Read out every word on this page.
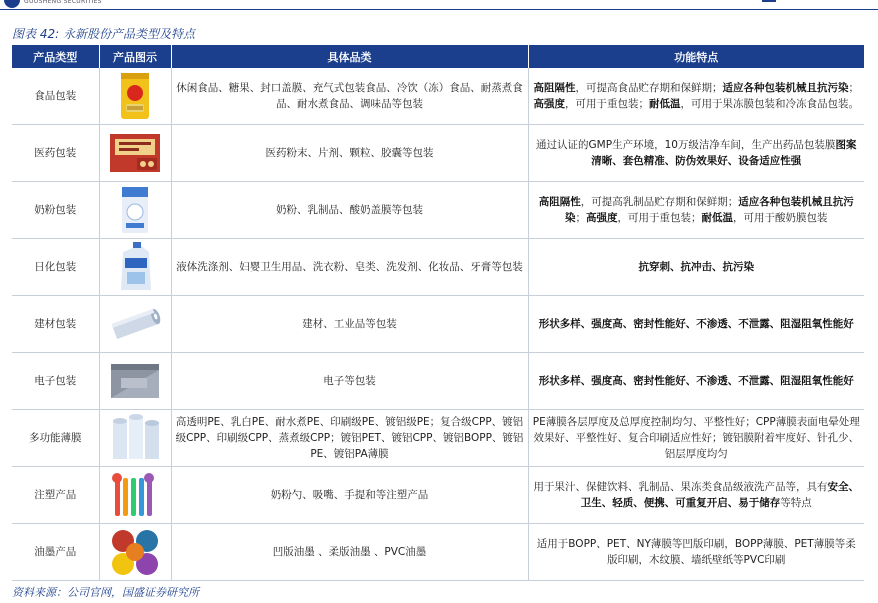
GUOSHENG SECURITIES
图表 42: 永新股份产品类型及特点
产品类型	产品图示	具体品类	功能特点
食品包装		休闲食品、糖果、封口盖膜、充气式包装食品、冷饮（冻）食品、耐蒸煮食品、耐水煮食品、调味品等包装	高阻隔性，可提高食品贮存期和保鲜期；适应各种包装机械且抗污染；高强度，可用于重包装；耐低温，可用于果冻膜包装和冷冻食品包装。
医药包装		医药粉末、片剂、颗粒、胶囊等包装	通过认证的GMP生产环境，10万级洁净车间，生产出药品包装膜图案清晰、套色精准、防伪效果好、设备适应性强
奶粉包装		奶粉、乳制品、酸奶盖膜等包装	高阻隔性，可提高乳制品贮存期和保鲜期；适应各种包装机械且抗污染；高强度，可用于重包装；耐低温，可用于酸奶膜包装
日化包装		液体洗涤剂、妇婴卫生用品、洗衣粉、皂类、洗发剂、化妆品、牙膏等包装	抗穿刺、抗冲击、抗污染
建材包装		建材、工业品等包装	形状多样、强度高、密封性能好、不渗透、不泄露、阻湿阻氧性能好
电子包装		电子等包装	形状多样、强度高、密封性能好、不渗透、不泄露、阻湿阻氧性能好
多功能薄膜		高透明PE、乳白PE、耐水煮PE、印刷级PE、镀铝级PE；复合级CPP、镀铝级CPP、印刷级CPP、蒸煮级CPP；镀铝PET、镀铝CPP、镀铝BOPP、镀铝PE、镀铝PA薄膜	PE薄膜各层厚度及总厚度控制均匀、平整性好；CPP薄膜表面电晕处理效果好、平整性好、复合印刷适应性好；镀铝膜附着牢度好、针孔少、铝层厚度均匀
注塑产品		奶粉勺、吸嘴、手提和等注塑产品	用于果汁、保健饮料、乳制品、果冻类食品级液洗产品等，具有安全、卫生、轻质、便携、可重复开启、易于储存等特点
油墨产品		凹版油墨 、柔版油墨 、PVC油墨	适用于BOPP、PET、NY薄膜等凹版印刷，BOPP薄膜、PET薄膜等柔版印刷，木纹膜、墙纸壁纸等PVC印刷
资料来源：公司官网，国盛证券研究所
